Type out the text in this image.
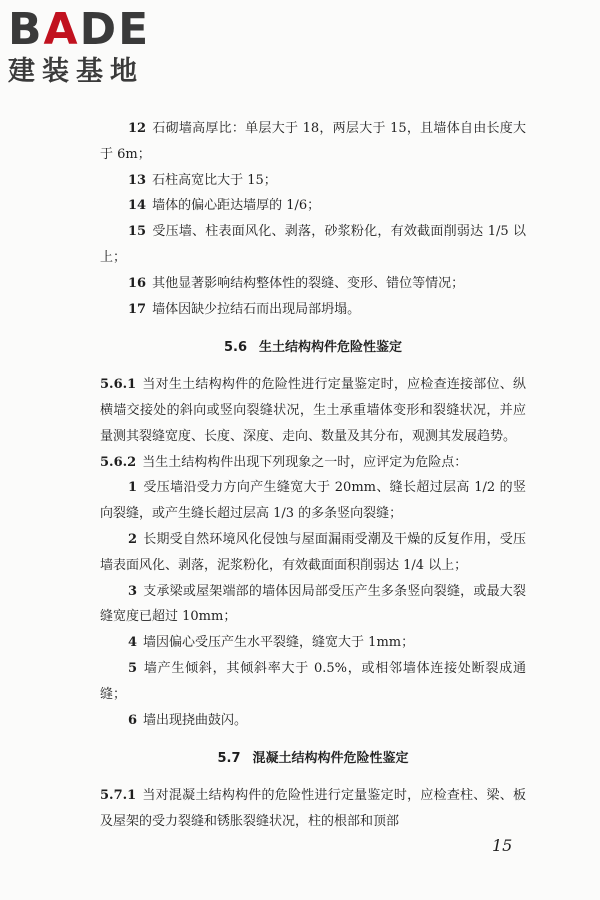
BADE
建装基地

12 石砌墙高厚比：单层大于 18，两层大于 15，且墙体自由长度大于 6m；

13 石柱高宽比大于 15；

14 墙体的偏心距达墙厚的 1/6；

15 受压墙、柱表面风化、剥落，砂浆粉化，有效截面削弱达 1/5 以上；

16 其他显著影响结构整体性的裂缝、变形、错位等情况；

17 墙体因缺少拉结石而出现局部坍塌。

5.6 生土结构构件危险性鉴定

5.6.1 当对生土结构构件的危险性进行定量鉴定时，应检查连接部位、纵横墙交接处的斜向或竖向裂缝状况，生土承重墙体变形和裂缝状况，并应量测其裂缝宽度、长度、深度、走向、数量及其分布，观测其发展趋势。

5.6.2 当生土结构构件出现下列现象之一时，应评定为危险点：

1 受压墙沿受力方向产生缝宽大于 20mm、缝长超过层高 1/2 的竖向裂缝，或产生缝长超过层高 1/3 的多条竖向裂缝；

2 长期受自然环境风化侵蚀与屋面漏雨受潮及干燥的反复作用，受压墙表面风化、剥落，泥浆粉化，有效截面面积削弱达 1/4 以上；

3 支承梁或屋架端部的墙体因局部受压产生多条竖向裂缝，或最大裂缝宽度已超过 10mm；

4 墙因偏心受压产生水平裂缝，缝宽大于 1mm；

5 墙产生倾斜，其倾斜率大于 0.5%，或相邻墙体连接处断裂成通缝；

6 墙出现挠曲鼓闪。

5.7 混凝土结构构件危险性鉴定

5.7.1 当对混凝土结构构件的危险性进行定量鉴定时，应检查柱、梁、板及屋架的受力裂缝和锈胀裂缝状况，柱的根部和顶部

15
